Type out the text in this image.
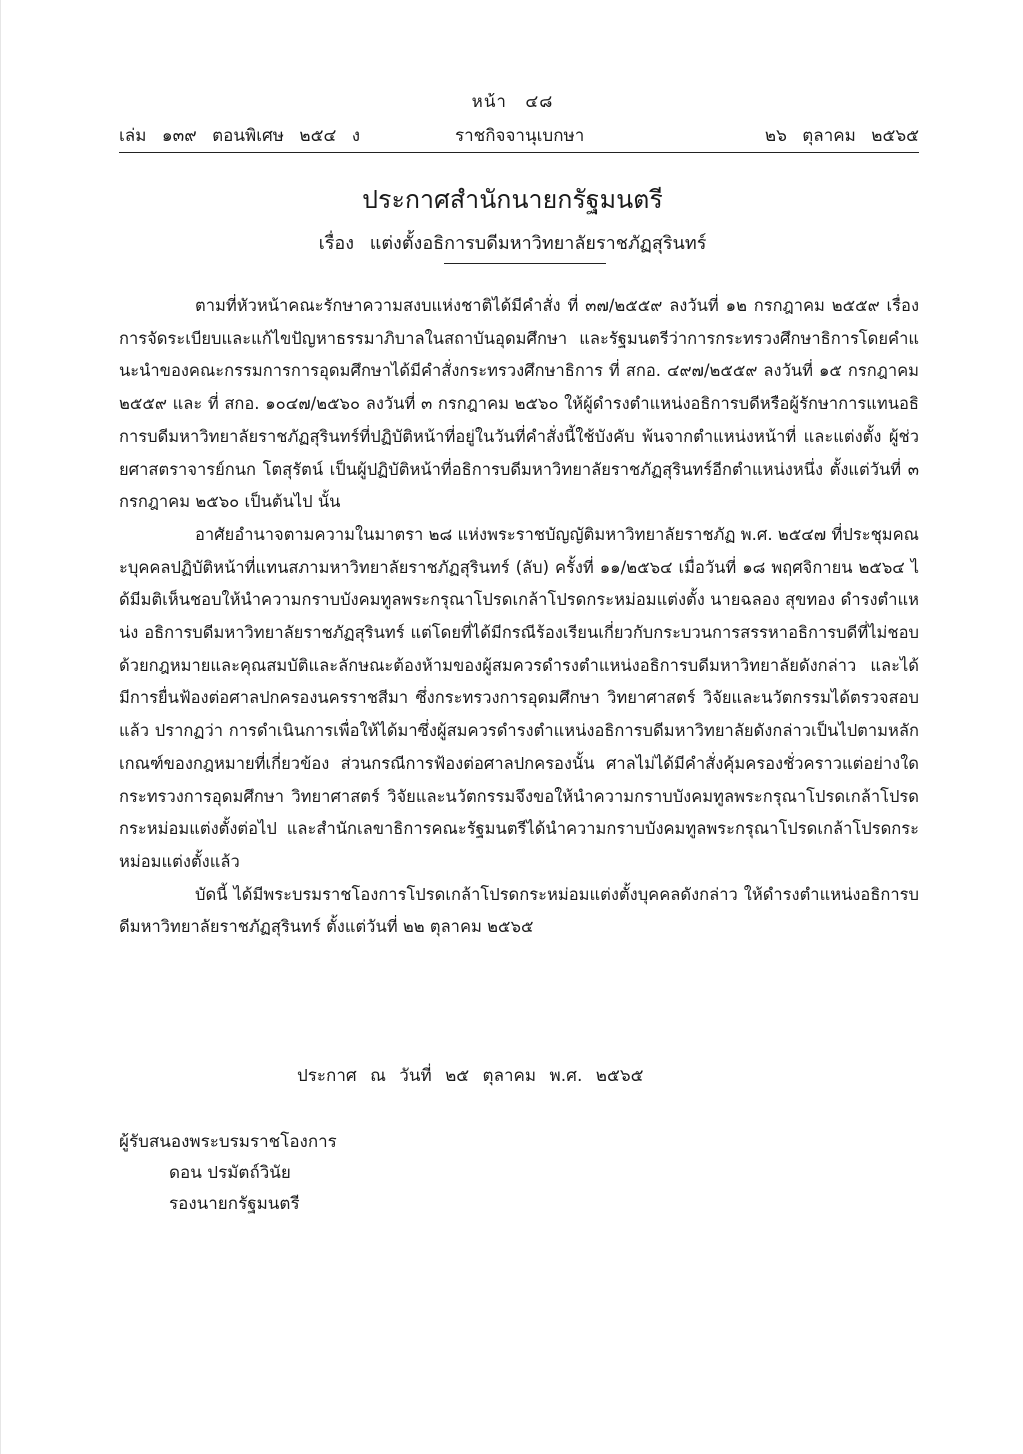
หน้า ๔๘
เล่ม ๑๓๙ ตอนพิเศษ ๒๕๔ ง	ราชกิจจานุเบกษา	๒๖ ตุลาคม ๒๕๖๕
ประกาศสำนักนายกรัฐมนตรี
เรื่อง แต่งตั้งอธิการบดีมหาวิทยาลัยราชภัฏสุรินทร์

ตามที่หัวหน้าคณะรักษาความสงบแห่งชาติได้มีคำสั่ง ที่ ๓๗/๒๕๕๙ ลงวันที่ ๑๒ กรกฎาคม ๒๕๕๙ เรื่อง การจัดระเบียบและแก้ไขปัญหาธรรมาภิบาลในสถาบันอุดมศึกษา และรัฐมนตรีว่าการกระทรวงศึกษาธิการโดยคำแนะนำของคณะกรรมการการอุดมศึกษาได้มีคำสั่งกระทรวงศึกษาธิการ ที่ สกอ. ๔๙๗/๒๕๕๙ ลงวันที่ ๑๕ กรกฎาคม ๒๕๕๙ และ ที่ สกอ. ๑๐๔๗/๒๕๖๐ ลงวันที่ ๓ กรกฎาคม ๒๕๖๐ ให้ผู้ดำรงตำแหน่งอธิการบดีหรือผู้รักษาการแทนอธิการบดีมหาวิทยาลัยราชภัฏสุรินทร์ที่ปฏิบัติหน้าที่อยู่ในวันที่คำสั่งนี้ใช้บังคับ พ้นจากตำแหน่งหน้าที่ และแต่งตั้ง ผู้ช่วยศาสตราจารย์กนก โตสุรัตน์ เป็นผู้ปฏิบัติหน้าที่อธิการบดีมหาวิทยาลัยราชภัฏสุรินทร์อีกตำแหน่งหนึ่ง ตั้งแต่วันที่ ๓ กรกฎาคม ๒๕๖๐ เป็นต้นไป นั้น

อาศัยอำนาจตามความในมาตรา ๒๘ แห่งพระราชบัญญัติมหาวิทยาลัยราชภัฏ พ.ศ. ๒๕๔๗ ที่ประชุมคณะบุคคลปฏิบัติหน้าที่แทนสภามหาวิทยาลัยราชภัฏสุรินทร์ (ลับ) ครั้งที่ ๑๑/๒๕๖๔ เมื่อวันที่ ๑๘ พฤศจิกายน ๒๕๖๔ ได้มีมติเห็นชอบให้นำความกราบบังคมทูลพระกรุณาโปรดเกล้าโปรดกระหม่อมแต่งตั้ง นายฉลอง สุขทอง ดำรงตำแหน่ง อธิการบดีมหาวิทยาลัยราชภัฏสุรินทร์ แต่โดยที่ได้มีกรณีร้องเรียนเกี่ยวกับกระบวนการสรรหาอธิการบดีที่ไม่ชอบด้วยกฎหมายและคุณสมบัติและลักษณะต้องห้ามของผู้สมควรดำรงตำแหน่งอธิการบดีมหาวิทยาลัยดังกล่าว และได้มีการยื่นฟ้องต่อศาลปกครองนครราชสีมา ซึ่งกระทรวงการอุดมศึกษา วิทยาศาสตร์ วิจัยและนวัตกรรมได้ตรวจสอบแล้ว ปรากฏว่า การดำเนินการเพื่อให้ได้มาซึ่งผู้สมควรดำรงตำแหน่งอธิการบดีมหาวิทยาลัยดังกล่าวเป็นไปตามหลักเกณฑ์ของกฎหมายที่เกี่ยวข้อง ส่วนกรณีการฟ้องต่อศาลปกครองนั้น ศาลไม่ได้มีคำสั่งคุ้มครองชั่วคราวแต่อย่างใด กระทรวงการอุดมศึกษา วิทยาศาสตร์ วิจัยและนวัตกรรมจึงขอให้นำความกราบบังคมทูลพระกรุณาโปรดเกล้าโปรดกระหม่อมแต่งตั้งต่อไป และสำนักเลขาธิการคณะรัฐมนตรีได้นำความกราบบังคมทูลพระกรุณาโปรดเกล้าโปรดกระหม่อมแต่งตั้งแล้ว

บัดนี้ ได้มีพระบรมราชโองการโปรดเกล้าโปรดกระหม่อมแต่งตั้งบุคคลดังกล่าว ให้ดำรงตำแหน่งอธิการบดีมหาวิทยาลัยราชภัฏสุรินทร์ ตั้งแต่วันที่ ๒๒ ตุลาคม ๒๕๖๕

ประกาศ ณ วันที่ ๒๕ ตุลาคม พ.ศ. ๒๕๖๕
ผู้รับสนองพระบรมราชโองการ
ดอน ปรมัตถ์วินัย
รองนายกรัฐมนตรี
